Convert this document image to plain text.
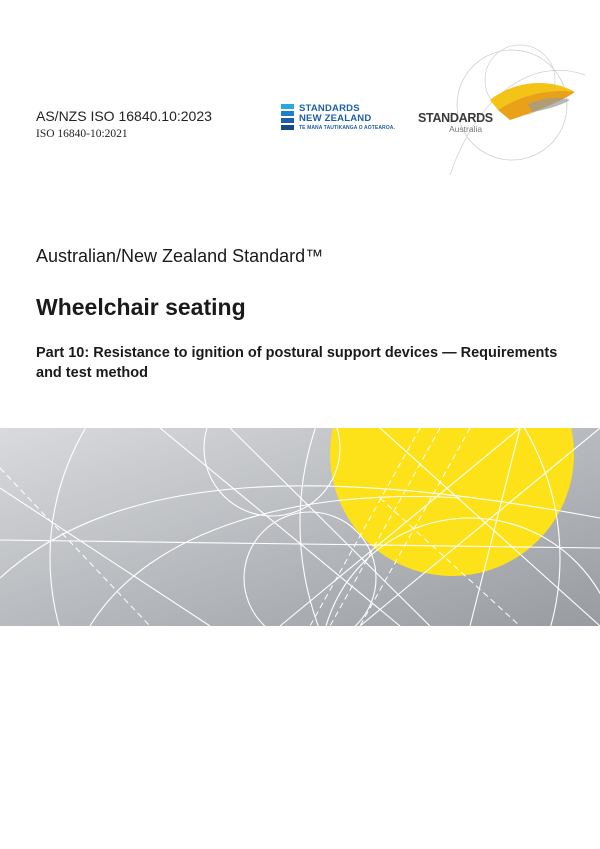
AS/NZS ISO 16840.10:2023
ISO 16840-10:2021
STANDARDS
NEW ZEALAND
TE MANA TAUTIKANGA O AOTEAROA.
STANDARDS
Australia
Australian/New Zealand Standard™
Wheelchair seating
Part 10: Resistance to ignition of postural support devices — Requirements and test method
